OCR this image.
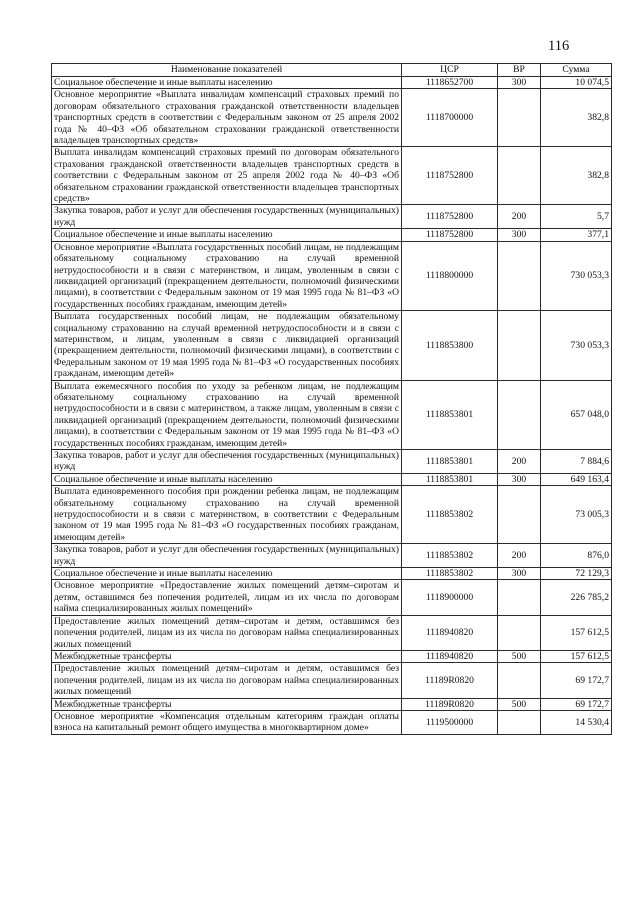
116
Наименование показателей	ЦСР	ВР	Сумма
Социальное обеспечение и иные выплаты населению	1118652700	300	10 074,5
Основное мероприятие «Выплата инвалидам компенсаций страховых премий по договорам обязательного страхования гражданской ответственности владельцев транспортных средств в соответствии с Федеральным законом от 25 апреля 2002 года № 40–ФЗ «Об обязательном страховании гражданской ответственности владельцев транспортных средств»	1118700000		382,8
Выплата инвалидам компенсаций страховых премий по договорам обязательного страхования гражданской ответственности владельцев транспортных средств в соответствии с Федеральным законом от 25 апреля 2002 года № 40–ФЗ «Об обязательном страховании гражданской ответственности владельцев транспортных средств»	1118752800		382,8
Закупка товаров, работ и услуг для обеспечения государственных (муниципальных) нужд	1118752800	200	5,7
Социальное обеспечение и иные выплаты населению	1118752800	300	377,1
Основное мероприятие «Выплата государственных пособий лицам, не подлежащим обязательному социальному страхованию на случай временной нетрудоспособности и в связи с материнством, и лицам, уволенным в связи с ликвидацией организаций (прекращением деятельности, полномочий физическими лицами), в соответствии с Федеральным законом от 19 мая 1995 года № 81–ФЗ «О государственных пособиях гражданам, имеющим детей»	1118800000		730 053,3
Выплата государственных пособий лицам, не подлежащим обязательному социальному страхованию на случай временной нетрудоспособности и в связи с материнством, и лицам, уволенным в связи с ликвидацией организаций (прекращением деятельности, полномочий физическими лицами), в соответствии с Федеральным законом от 19 мая 1995 года № 81–ФЗ «О государственных пособиях гражданам, имеющим детей»	1118853800		730 053,3
Выплата ежемесячного пособия по уходу за ребенком лицам, не подлежащим обязательному социальному страхованию на случай временной нетрудоспособности и в связи с материнством, а также лицам, уволенным в связи с ликвидацией организаций (прекращением деятельности, полномочий физическими лицами), в соответствии с Федеральным законом от 19 мая 1995 года № 81–ФЗ «О государственных пособиях гражданам, имеющим детей»	1118853801		657 048,0
Закупка товаров, работ и услуг для обеспечения государственных (муниципальных) нужд	1118853801	200	7 884,6
Социальное обеспечение и иные выплаты населению	1118853801	300	649 163,4
Выплата единовременного пособия при рождении ребенка лицам, не подлежащим обязательному социальному страхованию на случай временной нетрудоспособности и в связи с материнством, в соответствии с Федеральным законом от 19 мая 1995 года № 81–ФЗ «О государственных пособиях гражданам, имеющим детей»	1118853802		73 005,3
Закупка товаров, работ и услуг для обеспечения государственных (муниципальных) нужд	1118853802	200	876,0
Социальное обеспечение и иные выплаты населению	1118853802	300	72 129,3
Основное мероприятие «Предоставление жилых помещений детям–сиротам и детям, оставшимся без попечения родителей, лицам из их числа по договорам найма специализированных жилых помещений»	1118900000		226 785,2
Предоставление жилых помещений детям–сиротам и детям, оставшимся без попечения родителей, лицам из их числа по договорам найма специализированных жилых помещений	1118940820		157 612,5
Межбюджетные трансферты	1118940820	500	157 612,5
Предоставление жилых помещений детям–сиротам и детям, оставшимся без попечения родителей, лицам из их числа по договорам найма специализированных жилых помещений	11189R0820		69 172,7
Межбюджетные трансферты	11189R0820	500	69 172,7
Основное мероприятие «Компенсация отдельным категориям граждан оплаты взноса на капитальный ремонт общего имущества в многоквартирном доме»	1119500000		14 530,4
